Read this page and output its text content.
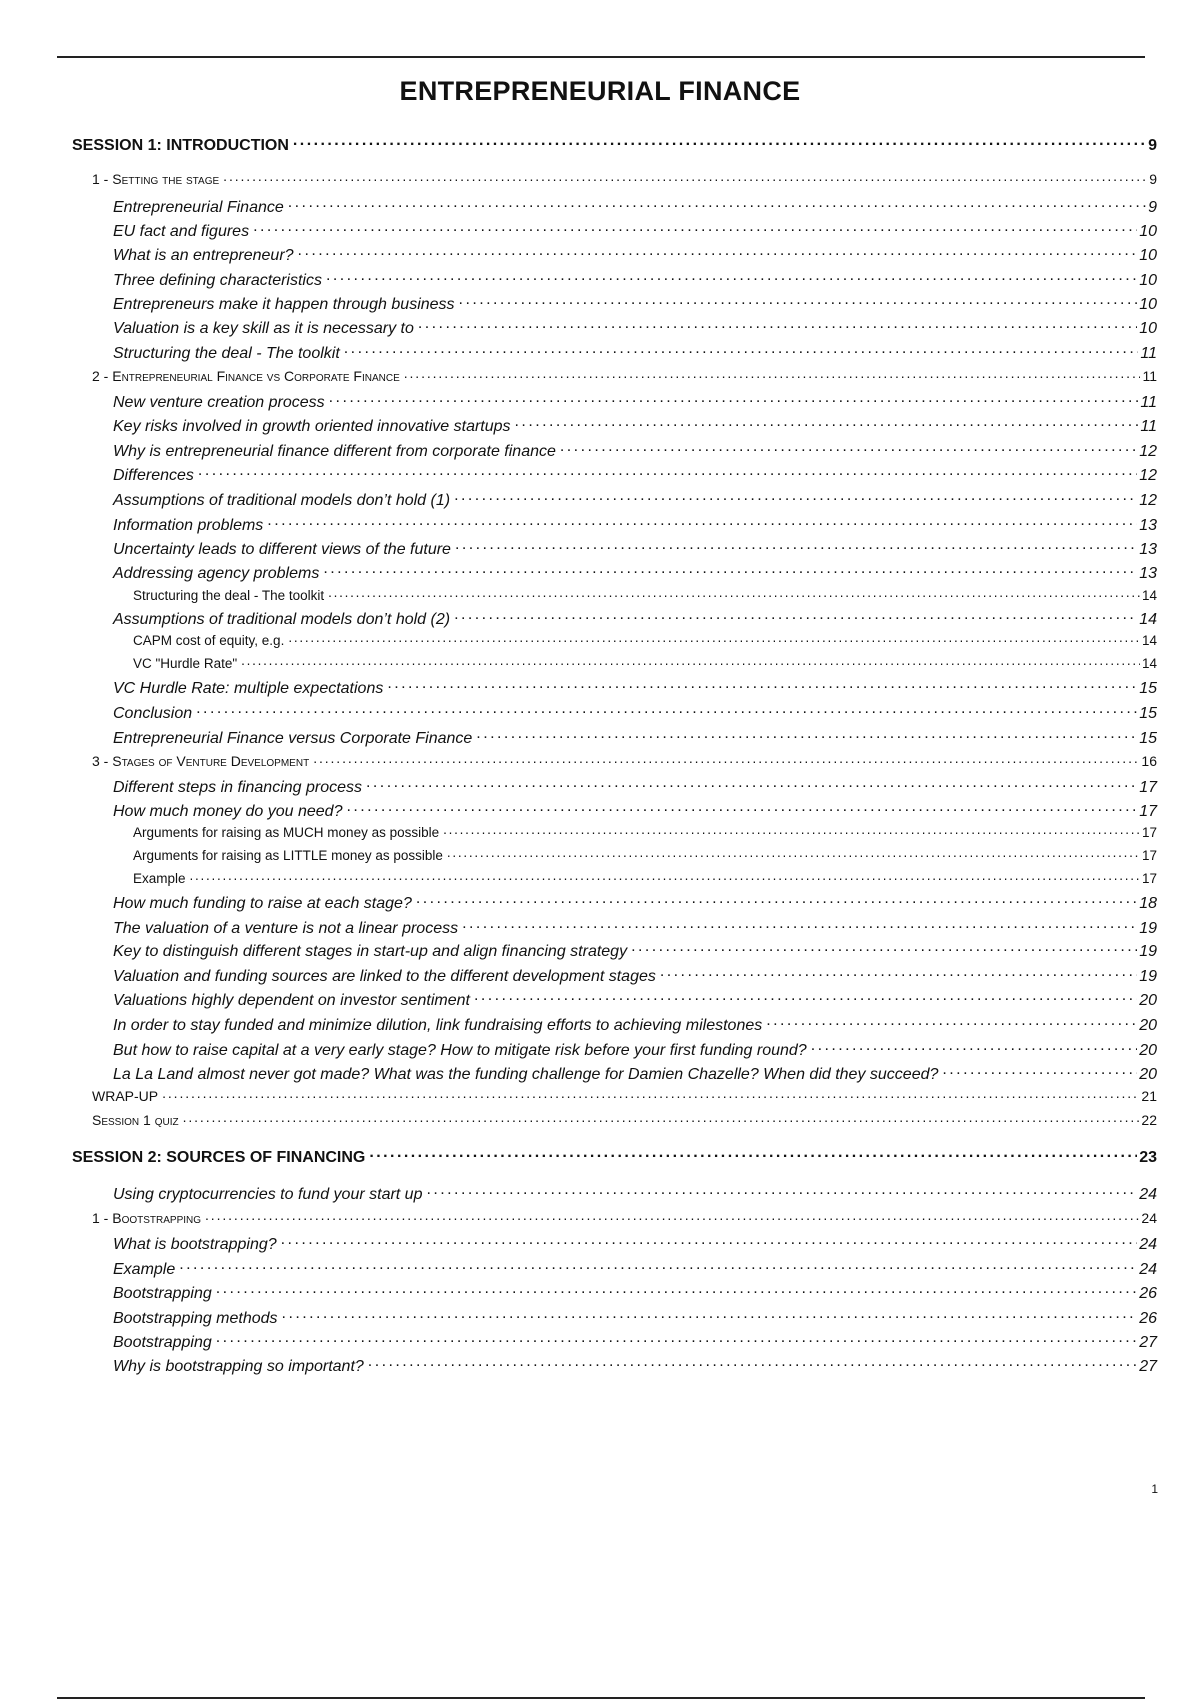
ENTREPRENEURIAL FINANCE
SESSION 1: INTRODUCTION . . .	9
1 - Setting the stage . . .	9
Entrepreneurial Finance . . .	9
EU fact and figures . . .	10
What is an entrepreneur? . . .	10
Three defining characteristics . . .	10
Entrepreneurs make it happen through business . . .	10
Valuation is a key skill as it is necessary to . . .	10
Structuring the deal - The toolkit . . .	11
2 - Entrepreneurial Finance vs Corporate Finance . . .	11
New venture creation process . . .	11
Key risks involved in growth oriented innovative startups . . .	11
Why is entrepreneurial finance different from corporate finance . . .	12
Differences . . .	12
Assumptions of traditional models don’t hold (1) . . .	12
Information problems . . .	13
Uncertainty leads to different views of the future . . .	13
Addressing agency problems . . .	13
Structuring the deal - The toolkit . . .	14
Assumptions of traditional models don’t hold (2) . . .	14
CAPM cost of equity, e.g. . . .	14
VC "Hurdle Rate" . . .	14
VC Hurdle Rate: multiple expectations . . .	15
Conclusion . . .	15
Entrepreneurial Finance versus Corporate Finance . . .	15
3 - Stages of Venture Development . . .	16
Different steps in financing process . . .	17
How much money do you need? . . .	17
Arguments for raising as MUCH money as possible . . .	17
Arguments for raising as LITTLE money as possible . . .	17
Example . . .	17
How much funding to raise at each stage? . . .	18
The valuation of a venture is not a linear process . . .	19
Key to distinguish different stages in start-up and align financing strategy . . .	19
Valuation and funding sources are linked to the different development stages . . .	19
Valuations highly dependent on investor sentiment . . .	20
In order to stay funded and minimize dilution, link fundraising efforts to achieving milestones . . .	20
But how to raise capital at a very early stage? How to mitigate risk before your first funding round? . . .	20
La La Land almost never got made? What was the funding challenge for Damien Chazelle? When did they succeed? . . .	20
WRAP-UP . . .	21
Session 1 quiz . . .	22
SESSION 2: SOURCES OF FINANCING . . .	23
Using cryptocurrencies to fund your start up . . .	24
1 - Bootstrapping . . .	24
What is bootstrapping? . . .	24
Example . . .	24
Bootstrapping . . .	26
Bootstrapping methods . . .	26
Bootstrapping . . .	27
Why is bootstrapping so important? . . .	27
1
